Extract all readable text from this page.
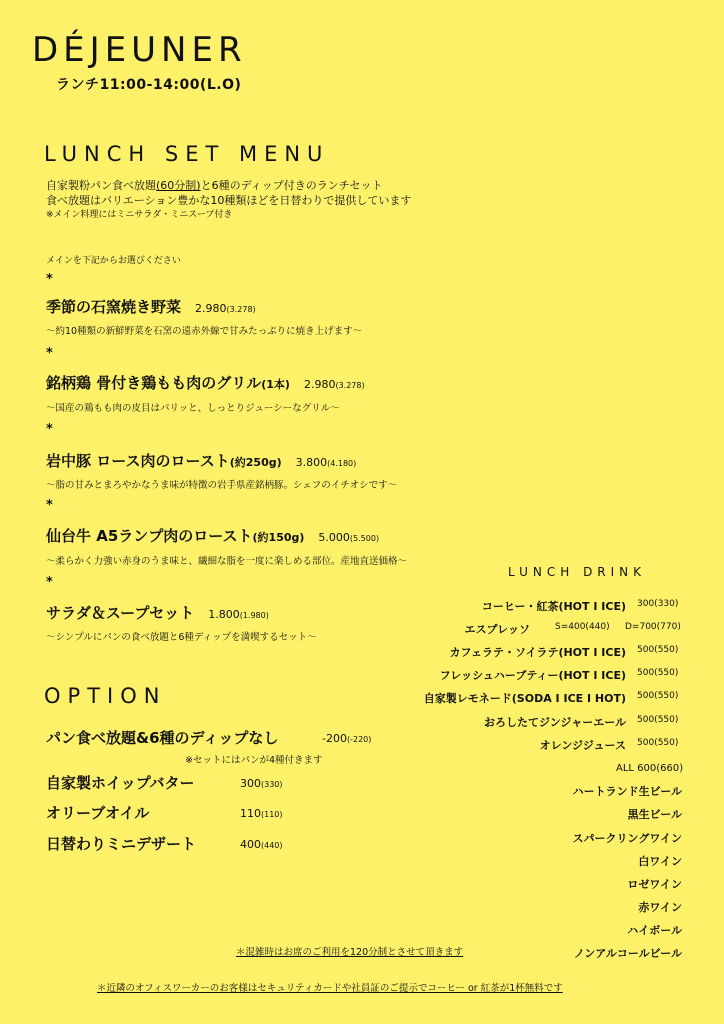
DÉJEUNER
ランチ11:00-14:00(L.O)
LUNCH SET MENU
自家製粉パン食べ放題(60分制)と6種のディップ付きのランチセット
食べ放題はバリエーション豊かな10種類ほどを日替わりで提供しています
※メイン料理にはミニサラダ・ミニスープ付き
メインを下記からお選びください
*
季節の石窯焼き野菜 2.980(3.278)
〜約10種類の新鮮野菜を石窯の遠赤外線で甘みたっぷりに焼き上げます〜
*
銘柄鶏 骨付き鶏もも肉のグリル(1本) 2.980(3.278)
〜国産の鶏もも肉の皮目はパリッと、しっとりジューシーなグリル〜
*
岩中豚 ロース肉のロースト(約250g) 3.800(4.180)
〜脂の甘みとまろやかなうま味が特徴の岩手県産銘柄豚。シェフのイチオシです〜
*
仙台牛 A5ランプ肉のロースト(約150g) 5.000(5.500)
〜柔らかく力強い赤身のうま味と、繊細な脂を一度に楽しめる部位。産地直送価格〜
*
サラダ＆スープセット 1.800(1.980)
〜シンプルにパンの食べ放題と6種ディップを満喫するセット〜
OPTION
パン食べ放題&6種のディップなし	-200(-220)
※セットにはパンが4種付きます
自家製ホイップバター	300(330)
オリーブオイル	110(110)
日替わりミニデザート	400(440)
LUNCH DRINK
コーヒー・紅茶(HOT I ICE) 300(330)
エスプレッソ	S=400(440) D=700(770)
カフェラテ・ソイラテ(HOT I ICE) 500(550)
フレッシュハーブティー(HOT I ICE) 500(550)
自家製レモネード(SODA I ICE I HOT) 500(550)
おろしたてジンジャーエール 500(550)
オレンジジュース 500(550)
ALL 600(660)
ハートランド生ビール
黒生ビール
スパークリングワイン
白ワイン
ロゼワイン
赤ワイン
ハイボール
ノンアルコールビール
＊混雑時はお席のご利用を120分制とさせて頂きます
＊近隣のオフィスワーカーのお客様はセキュリティカードや社員証のご提示でコーヒー or 紅茶が1杯無料です
